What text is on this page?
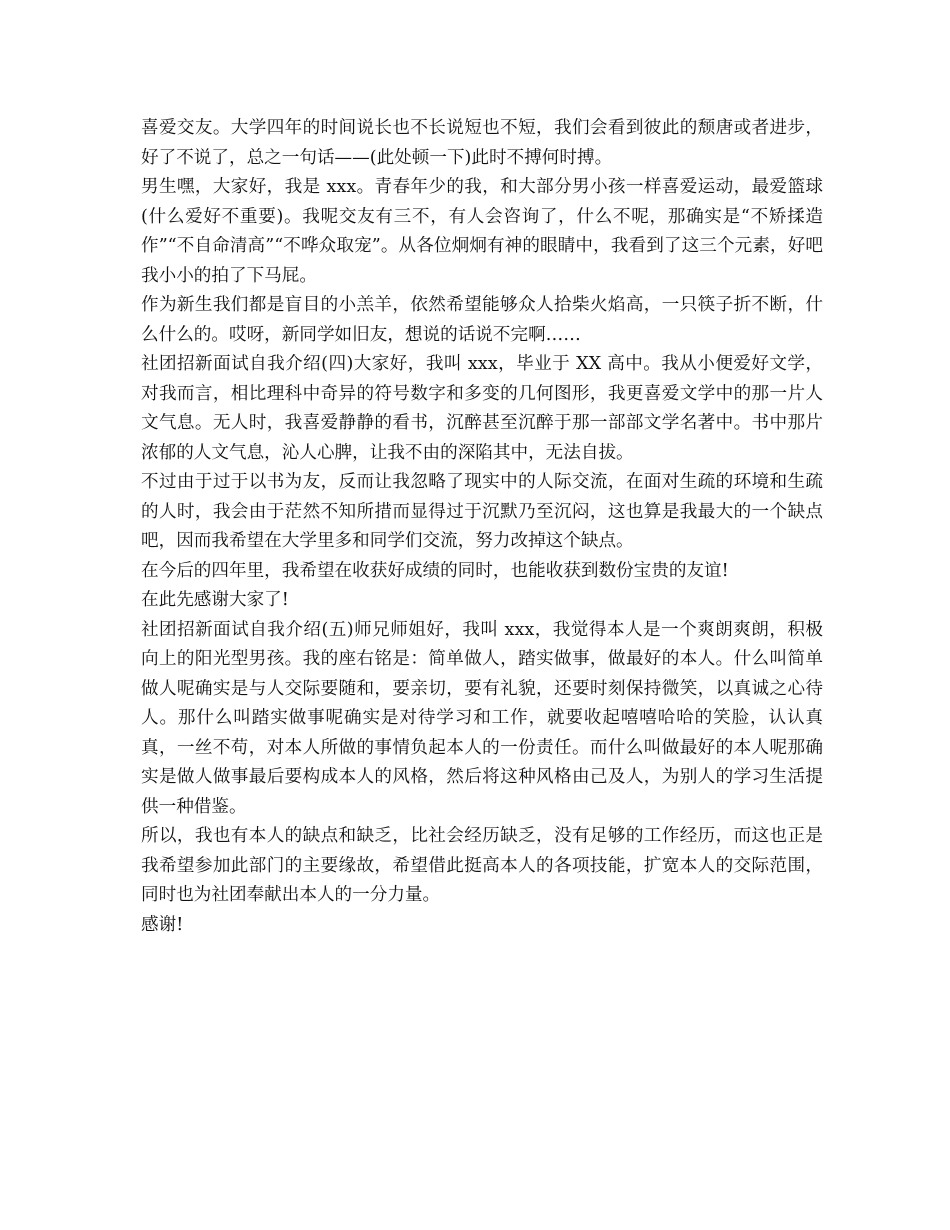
喜爱交友。大学四年的时间说长也不长说短也不短，我们会看到彼此的颓唐或者进步，好了不说了，总之一句话——(此处顿一下)此时不搏何时搏。

男生嘿，大家好，我是 xxx。青春年少的我，和大部分男小孩一样喜爱运动，最爱篮球(什么爱好不重要)。我呢交友有三不，有人会咨询了，什么不呢，那确实是“不矫揉造作”“不自命清高”“不哗众取宠”。从各位炯炯有神的眼睛中，我看到了这三个元素，好吧我小小的拍了下马屁。

作为新生我们都是盲目的小羔羊，依然希望能够众人拾柴火焰高，一只筷子折不断，什么什么的。哎呀，新同学如旧友，想说的话说不完啊……

社团招新面试自我介绍(四)大家好，我叫 xxx，毕业于 XX 高中。我从小便爱好文学，对我而言，相比理科中奇异的符号数字和多变的几何图形，我更喜爱文学中的那一片人文气息。无人时，我喜爱静静的看书，沉醉甚至沉醉于那一部部文学名著中。书中那片浓郁的人文气息，沁人心脾，让我不由的深陷其中，无法自拔。

不过由于过于以书为友，反而让我忽略了现实中的人际交流，在面对生疏的环境和生疏的人时，我会由于茫然不知所措而显得过于沉默乃至沉闷，这也算是我最大的一个缺点吧，因而我希望在大学里多和同学们交流，努力改掉这个缺点。

在今后的四年里，我希望在收获好成绩的同时，也能收获到数份宝贵的友谊!

在此先感谢大家了!

社团招新面试自我介绍(五)师兄师姐好，我叫 xxx，我觉得本人是一个爽朗爽朗，积极向上的阳光型男孩。我的座右铭是：简单做人，踏实做事，做最好的本人。什么叫简单做人呢确实是与人交际要随和，要亲切，要有礼貌，还要时刻保持微笑，以真诚之心待人。那什么叫踏实做事呢确实是对待学习和工作，就要收起嘻嘻哈哈的笑脸，认认真真，一丝不苟，对本人所做的事情负起本人的一份责任。而什么叫做最好的本人呢那确实是做人做事最后要构成本人的风格，然后将这种风格由己及人，为别人的学习生活提供一种借鉴。

所以，我也有本人的缺点和缺乏，比社会经历缺乏，没有足够的工作经历，而这也正是我希望参加此部门的主要缘故，希望借此挺高本人的各项技能，扩宽本人的交际范围，同时也为社团奉献出本人的一分力量。

感谢!
